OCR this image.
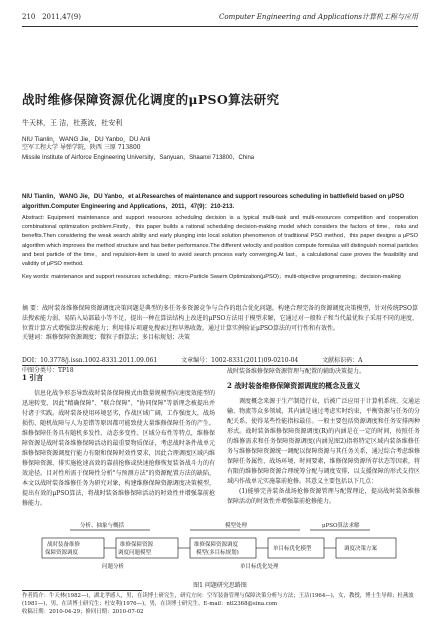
210 2011,47(9)	Computer Engineering and Applications计算机工程与应用
战时维修保障资源优化调度的μPSO算法研究
牛天林，王 洁，杜燕波，杜安利
NIU Tianlin，WANG Jie，DU Yanbo，DU Anli
空军工程大学 导弹学院，陕西 三原 713800
Missile Institute of Airforce Engineering University，Sanyuan，Shaanxi 713800，China
NIU Tianlin，WANG Jie，DU Yanbo，et al.Researches of maintenance and support resources scheduling in battlefield based on μPSO algorithm.Computer Engineering and Applications，2011，47(9)：210-213.
Abstract: Equipment maintenance and support resources scheduling decision is a typical multi-task and multi-resources competition and cooperation combinational optimization problem.Firstly，this paper builds a rational scheduling decision-making model which considers the factors of time，risks and benefits.Then considering the weak search ability and early plunging into local solution phenomenon of traditional PSO method，this paper designs a μPSO algorithm which improves the method structure and has better performance.The different velocity and position compute formulas will distinguish normal particles and best particle of the time，and repulsion-item is used to avoid search process early converging.At last，a calculational case proves the feasibility and validity of μPSO method.
Key words: maintenance and support resources scheduling；micro-Particle Swarm Optimization(μPSO)；multi-objective programming；decision-making
摘 要：战时装备维修保障资源调度决策问题是典型的多任务多资源竞争与合作的组合优化问题。构建合理完备的资源调度决策模型，针对传统PSO算法搜索能力弱，易陷入局部最小等不足，提出一种在算法结构上改进的μPSO方法用于模型求解，它通过对一般粒子和当代最优粒子采用不同的速度、位置计算方式增强算法搜索能力；利用排斥项避免搜索过程早熟收敛。通过计算实例验证μPSO算法的可行性和有效性。
关键词：维修保障资源调度；微粒子群算法；多目标规划；决策
DOI：10.3778/j.issn.1002-8331.2011.09.061	文章编号：1002-8331(2011)09-0210-04	文献标识码：A 中图分类号：TP18
1 引言

信息化战争形态导致战时装备保障模式由数量规模型向速度效能型的迅速转变，因此"精确保障"、"联合保障"、"协同保障"等新理念被提出并付诸于实践。战时装备使用环境恶劣，作战区域广阔，工作强度大，战场损伤、随机故障与人为差错等原因都可能致使大量维修保障任务的产生。维修保障任务具有随机多发性、动态多变性、区域分布性等特点，维修保障资源是战时装备维修保障活动的最重要物质保证，考虑战时条件战单元维修保障资源调度行能力有限和保障时效性要求，因此合理调度区域内维修保障资源，排实施抢速高效的靠前抢修或快速抢修恢复装备战斗力的有效途径。目对性所需于保障性分析"与预测方法"的资源配置方法的缺陷，本文以战时装备维修任务为研究对象，构建维修保障资源调度决策模型，提出有效的μPSO算法，将战时装备维修保障活动的时效性并增强靠前抢修能力。

战时装备维修保障资源管理与配置的辅助决策提力。

2 战时装备维修保障资源调度的概念及意义

调度概念来源于生产制造行业，后被广泛应用于计算机系统、交通运输、物流等众多领域，其内涵是通过考虑实时约束，平衡资源与任务的分配关系，使得某些性能指标最佳。一般主要包括资源调度和任务安排两种形式。战时装备维修保障资源调度(R)的内涵是在一定的时间，按照任务的维修需求和任务保障资源调度(内涵见图2)指将特定区域内装备维修任务与维修保障资源统一调配以保障资源与其任务关系，通过综合考虑维修保障任务属性、战场环境、时间要素，维修保障资源所存状态等因素，将有限的维修保障资源合理统筹分配与调度安排，以支援保障的形式支持区域内作战单元实施靠前抢修。其意义主要包括以下几点：

(1)能够完善装备战场抢修资源管理与配置理论，提高战时装备维修保障活动的时效性并增强靠前抢修能力。

分析、抽象与概括	模型处理	μPSO算法求解
战时装备维修
保障资源调度
维修保障资源
调度问题模型
维修保障资源调度
模型(多目标规划)
单目标优化模型	调度决策方案
问题分析	单目标优化处理
图1 问题研究思路图
作者简介：牛天林(1982—)，湖北孝感人，男，在读博士研究生，研究方向：空军装备管理与保障决策分析与方法；王洁(1964—)，女，教授，博士生导师；杜燕波(1981—)，男，在读博士研究生；杜安利(1976—)，男，在读博士研究生。E-mail：ntl2368@sina.com
收稿日期：2010-04-29；修回日期：2010-07-02
